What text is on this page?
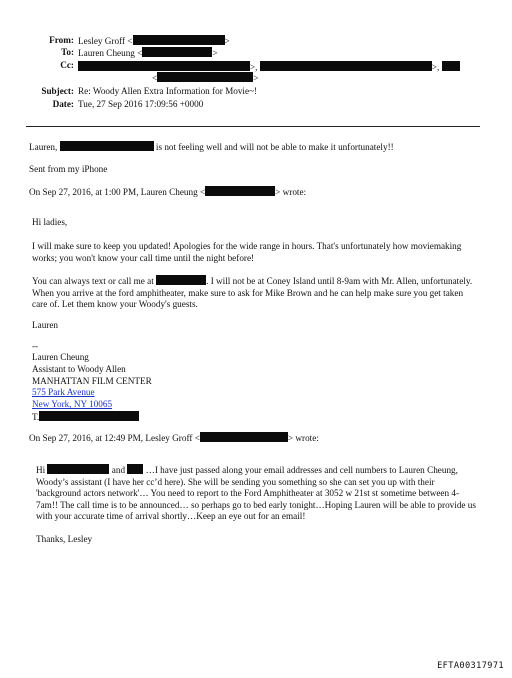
From: Lesley Groff <	>
To: Lauren Cheung <	>
Cc:	>,	>,
<	>
Subject: Re: Woody Allen Extra Information for Movie~!
Date: Tue, 27 Sep 2016 17:09:56 +0000
Lauren,	is not feeling well and will not be able to make it unfortunately!!
Sent from my iPhone
On Sep 27, 2016, at 1:00 PM, Lauren Cheung <	> wrote:
Hi ladies,
I will make sure to keep you updated! Apologies for the wide range in hours. That's unfortunately how moviemaking works; you won't know your call time until the night before!
You can always text or call me at	. I will not be at Coney Island until 8-9am with Mr. Allen, unfortunately. When you arrive at the ford amphitheater, make sure to ask for Mike Brown and he can help make sure you get taken care of. Let them know your Woody's guests.
Lauren
--
Lauren Cheung
Assistant to Woody Allen
MANHATTAN FILM CENTER
575 Park Avenue
New York, NY 10065
T.
On Sep 27, 2016, at 12:49 PM, Lesley Groff <	> wrote:
Hi	and …I have just passed along your email addresses and cell numbers to Lauren Cheung, Woody’s assistant (I have her cc’d here). She will be sending you something so she can set you up with their 'background actors network'… You need to report to the Ford Amphitheater at 3052 w 21st st sometime between 4-7am!! The call time is to be announced… so perhaps go to bed early tonight…Hoping Lauren will be able to provide us with your accurate time of arrival shortly…Keep an eye out for an email!
Thanks, Lesley
EFTA00317971
